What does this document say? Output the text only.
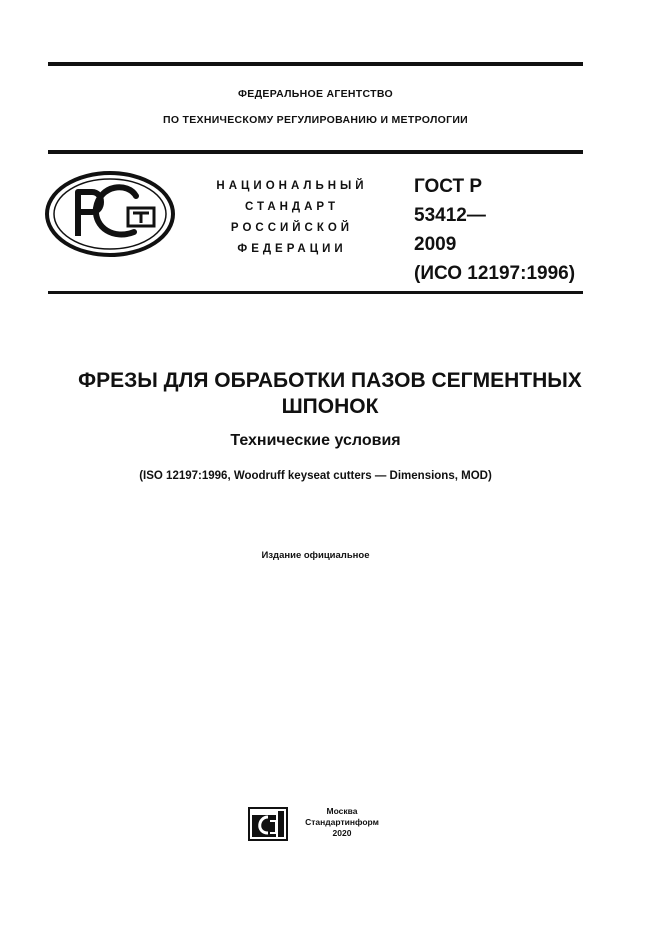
ФЕДЕРАЛЬНОЕ АГЕНТСТВО
ПО ТЕХНИЧЕСКОМУ РЕГУЛИРОВАНИЮ И МЕТРОЛОГИИ
НАЦИОНАЛЬНЫЙ
СТАНДАРТ
РОССИЙСКОЙ
ФЕДЕРАЦИИ
ГОСТ Р
53412—
2009
(ИСО 12197:1996)
ФРЕЗЫ ДЛЯ ОБРАБОТКИ ПАЗОВ СЕГМЕНТНЫХ
ШПОНОК
Технические условия
(ISO 12197:1996, Woodruff keyseat cutters — Dimensions, MOD)
Издание официальное
Москва
Стандартинформ
2020
